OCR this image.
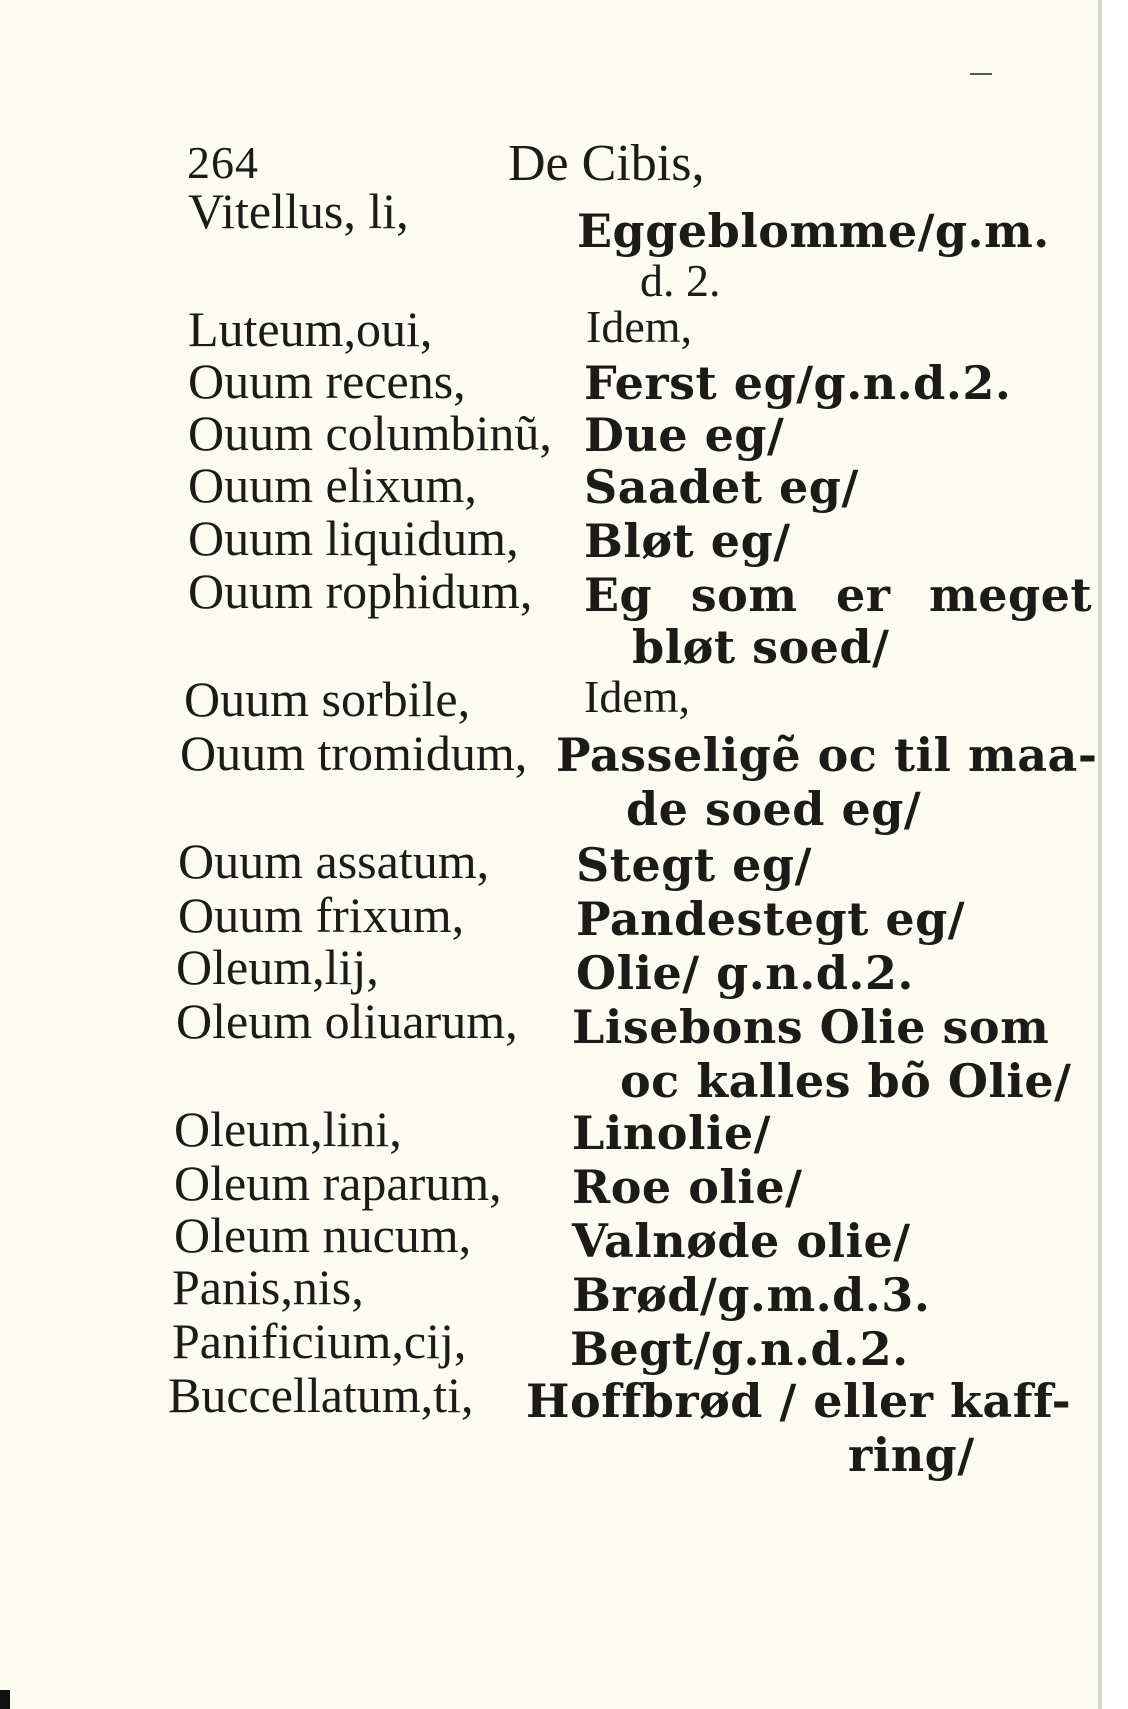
264	De Cibis,
Vitellus, li,	Eggeblomme/g.m.
d. 2.
Luteum,oui,	Idem,
Ouum recens,	Ferst eg/g.n.d.2.
Ouum columbinũ, Due eg/
Ouum elixum, Saadet eg/
Ouum liquidum, Bløt eg/
Ouum rophidum, Eg som er meget
bløt soed/
Ouum sorbile, Idem,
Ouum tromidum, Passeligẽ oc til maa-
de soed eg/
Ouum assatum, Stegt eg/
Ouum frixum, Pandestegt eg/
Oleum,lij,	Olie/ g.n.d.2.
Oleum oliuarum, Lisebons Olie som
oc kalles bõ Olie/
Oleum,lini,	Linolie/
Oleum raparum, Roe olie/
Oleum nucum, Valnøde olie/
Panis,nis,	Brød/g.m.d.3.
Panificium,cij, Begt/g.n.d.2.
Buccellatum,ti, Hoffbrød / eller kaff-
ring/
